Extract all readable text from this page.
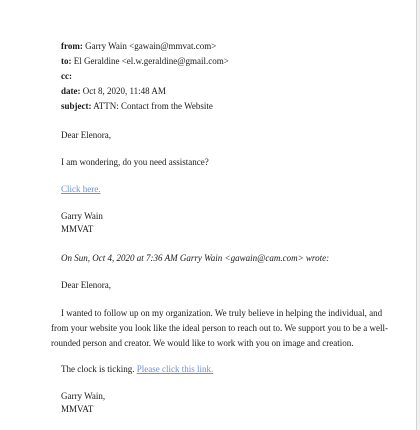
from: Garry Wain <gawain@mmvat.com>
to: El Geraldine <el.w.geraldine@gmail.com>
cc:
date: Oct 8, 2020, 11:48 AM
subject: ATTN: Contact from the Website

Dear Elenora,

I am wondering, do you need assistance?

Click here.

Garry Wain

MMVAT

On Sun, Oct 4, 2020 at 7:36 AM Garry Wain <gawain@cam.com> wrote:

Dear Elenora,

I wanted to follow up on my organization. We truly believe in helping the individual, and from your website you look like the ideal person to reach out to. We support you to be a well-rounded person and creator. We would like to work with you on image and creation.

The clock is ticking. Please click this link.

Garry Wain,

MMVAT
